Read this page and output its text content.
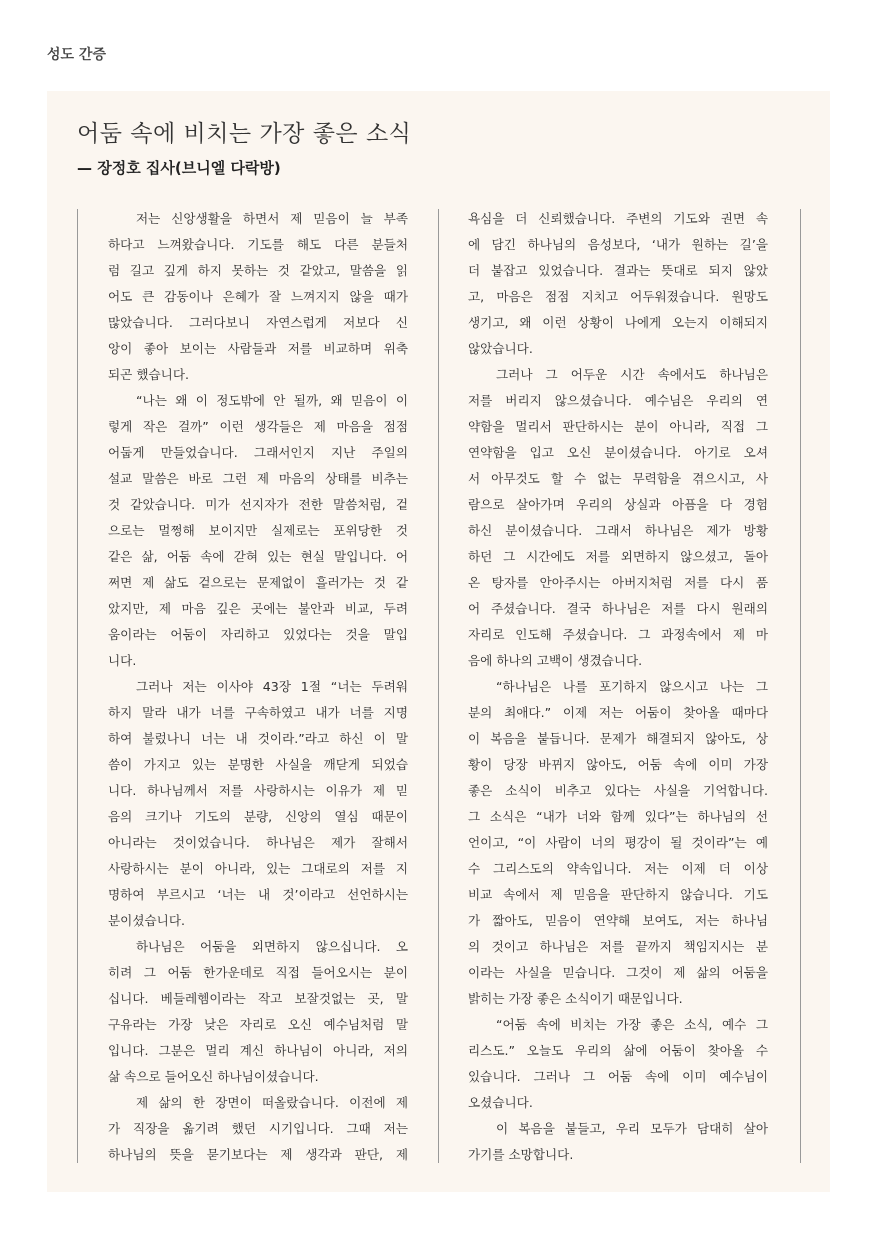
성도 간증
어둠 속에 비치는 가장 좋은 소식
— 장정호 집사(브니엘 다락방)
저는 신앙생활을 하면서 제 믿음이 늘 부족
하다고 느껴왔습니다. 기도를 해도 다른 분들처
럼 길고 깊게 하지 못하는 것 같았고, 말씀을 읽
어도 큰 감동이나 은혜가 잘 느껴지지 않을 때가
많았습니다. 그러다보니 자연스럽게 저보다 신
앙이 좋아 보이는 사람들과 저를 비교하며 위축
되곤 했습니다.
“나는 왜 이 정도밖에 안 될까, 왜 믿음이 이
렇게 작은 걸까” 이런 생각들은 제 마음을 점점
어둡게 만들었습니다. 그래서인지 지난 주일의
설교 말씀은 바로 그런 제 마음의 상태를 비추는
것 같았습니다. 미가 선지자가 전한 말씀처럼, 겉
으로는 멀쩡해 보이지만 실제로는 포위당한 것
같은 삶, 어둠 속에 갇혀 있는 현실 말입니다. 어
쩌면 제 삶도 겉으로는 문제없이 흘러가는 것 같
았지만, 제 마음 깊은 곳에는 불안과 비교, 두려
움이라는 어둠이 자리하고 있었다는 것을 말입
니다.
그러나 저는 이사야 43장 1절 “너는 두려워
하지 말라 내가 너를 구속하였고 내가 너를 지명
하여 불렀나니 너는 내 것이라.”라고 하신 이 말
씀이 가지고 있는 분명한 사실을 깨닫게 되었습
니다. 하나님께서 저를 사랑하시는 이유가 제 믿
음의 크기나 기도의 분량, 신앙의 열심 때문이
아니라는 것이었습니다. 하나님은 제가 잘해서
사랑하시는 분이 아니라, 있는 그대로의 저를 지
명하여 부르시고 ‘너는 내 것’이라고 선언하시는
분이셨습니다.
하나님은 어둠을 외면하지 않으십니다. 오
히려 그 어둠 한가운데로 직접 들어오시는 분이
십니다. 베들레헴이라는 작고 보잘것없는 곳, 말
구유라는 가장 낮은 자리로 오신 예수님처럼 말
입니다. 그분은 멀리 계신 하나님이 아니라, 저의
삶 속으로 들어오신 하나님이셨습니다.
제 삶의 한 장면이 떠올랐습니다. 이전에 제
가 직장을 옮기려 했던 시기입니다. 그때 저는
하나님의 뜻을 묻기보다는 제 생각과 판단, 제
욕심을 더 신뢰했습니다. 주변의 기도와 권면 속
에 담긴 하나님의 음성보다, ‘내가 원하는 길’을
더 붙잡고 있었습니다. 결과는 뜻대로 되지 않았
고, 마음은 점점 지치고 어두워졌습니다. 원망도
생기고, 왜 이런 상황이 나에게 오는지 이해되지
않았습니다.
그러나 그 어두운 시간 속에서도 하나님은
저를 버리지 않으셨습니다. 예수님은 우리의 연
약함을 멀리서 판단하시는 분이 아니라, 직접 그
연약함을 입고 오신 분이셨습니다. 아기로 오셔
서 아무것도 할 수 없는 무력함을 겪으시고, 사
람으로 살아가며 우리의 상실과 아픔을 다 경험
하신 분이셨습니다. 그래서 하나님은 제가 방황
하던 그 시간에도 저를 외면하지 않으셨고, 돌아
온 탕자를 안아주시는 아버지처럼 저를 다시 품
어 주셨습니다. 결국 하나님은 저를 다시 원래의
자리로 인도해 주셨습니다. 그 과정속에서 제 마
음에 하나의 고백이 생겼습니다.
“하나님은 나를 포기하지 않으시고 나는 그
분의 최애다.” 이제 저는 어둠이 찾아올 때마다
이 복음을 붙듭니다. 문제가 해결되지 않아도, 상
황이 당장 바뀌지 않아도, 어둠 속에 이미 가장
좋은 소식이 비추고 있다는 사실을 기억합니다.
그 소식은 “내가 너와 함께 있다”는 하나님의 선
언이고, “이 사람이 너의 평강이 될 것이라”는 예
수 그리스도의 약속입니다. 저는 이제 더 이상
비교 속에서 제 믿음을 판단하지 않습니다. 기도
가 짧아도, 믿음이 연약해 보여도, 저는 하나님
의 것이고 하나님은 저를 끝까지 책임지시는 분
이라는 사실을 믿습니다. 그것이 제 삶의 어둠을
밝히는 가장 좋은 소식이기 때문입니다.
“어둠 속에 비치는 가장 좋은 소식, 예수 그
리스도.” 오늘도 우리의 삶에 어둠이 찾아올 수
있습니다. 그러나 그 어둠 속에 이미 예수님이
오셨습니다.
이 복음을 붙들고, 우리 모두가 담대히 살아
가기를 소망합니다.
